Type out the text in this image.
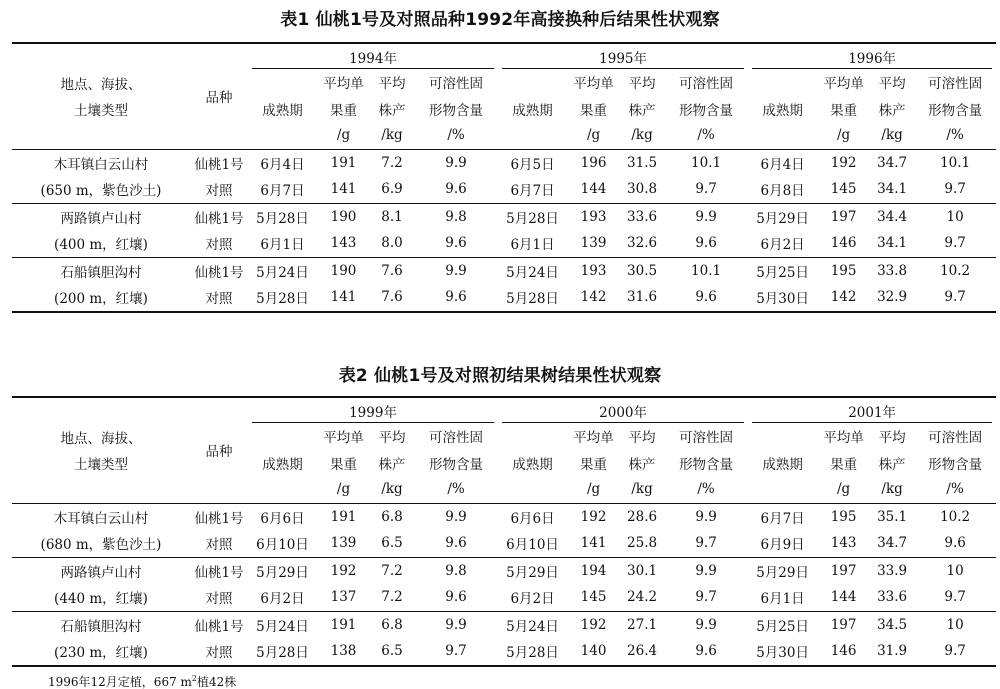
表1 仙桃1号及对照品种1992年高接换种后结果性状观察
地点、海拔、
土壤类型	品种	1994年				1995年				1996年			
		成熟期	平均单	平均	可溶性固	成熟期	平均单	平均	可溶性固	成熟期	平均单	平均	可溶性固
			果重	株产	形物含量		果重	株产	形物含量		果重	株产	形物含量
			/g	/kg	/%		/g	/kg	/%		/g	/kg	/%
木耳镇白云山村	仙桃1号	6月4日	191	7.2	9.9	6月5日	196	31.5	10.1	6月4日	192	34.7	10.1
(650 m，紫色沙土)	对照	6月7日	141	6.9	9.6	6月7日	144	30.8	9.7	6月8日	145	34.1	9.7
两路镇卢山村	仙桃1号	5月28日	190	8.1	9.8	5月28日	193	33.6	9.9	5月29日	197	34.4	10
(400 m，红壤)	对照	6月1日	143	8.0	9.6	6月1日	139	32.6	9.6	6月2日	146	34.1	9.7
石船镇胆沟村	仙桃1号	5月24日	190	7.6	9.9	5月24日	193	30.5	10.1	5月25日	195	33.8	10.2
(200 m，红壤)	对照	5月28日	141	7.6	9.6	5月28日	142	31.6	9.6	5月30日	142	32.9	9.7
表2 仙桃1号及对照初结果树结果性状观察
地点、海拔、
土壤类型	品种	1999年				2000年				2001年			
		成熟期	平均单	平均	可溶性固	成熟期	平均单	平均	可溶性固	成熟期	平均单	平均	可溶性固
			果重	株产	形物含量		果重	株产	形物含量		果重	株产	形物含量
			/g	/kg	/%		/g	/kg	/%		/g	/kg	/%
木耳镇白云山村	仙桃1号	6月6日	191	6.8	9.9	6月6日	192	28.6	9.9	6月7日	195	35.1	10.2
(680 m，紫色沙土)	对照	6月10日	139	6.5	9.6	6月10日	141	25.8	9.7	6月9日	143	34.7	9.6
两路镇卢山村	仙桃1号	5月29日	192	7.2	9.8	5月29日	194	30.1	9.9	5月29日	197	33.9	10
(440 m，红壤)	对照	6月2日	137	7.2	9.6	6月2日	145	24.2	9.7	6月1日	144	33.6	9.7
石船镇胆沟村	仙桃1号	5月24日	191	6.8	9.9	5月24日	192	27.1	9.9	5月25日	197	34.5	10
(230 m，红壤)	对照	5月28日	138	6.5	9.7	5月28日	140	26.4	9.6	5月30日	146	31.9	9.7
1996年12月定植，667 $m^2$植42株
